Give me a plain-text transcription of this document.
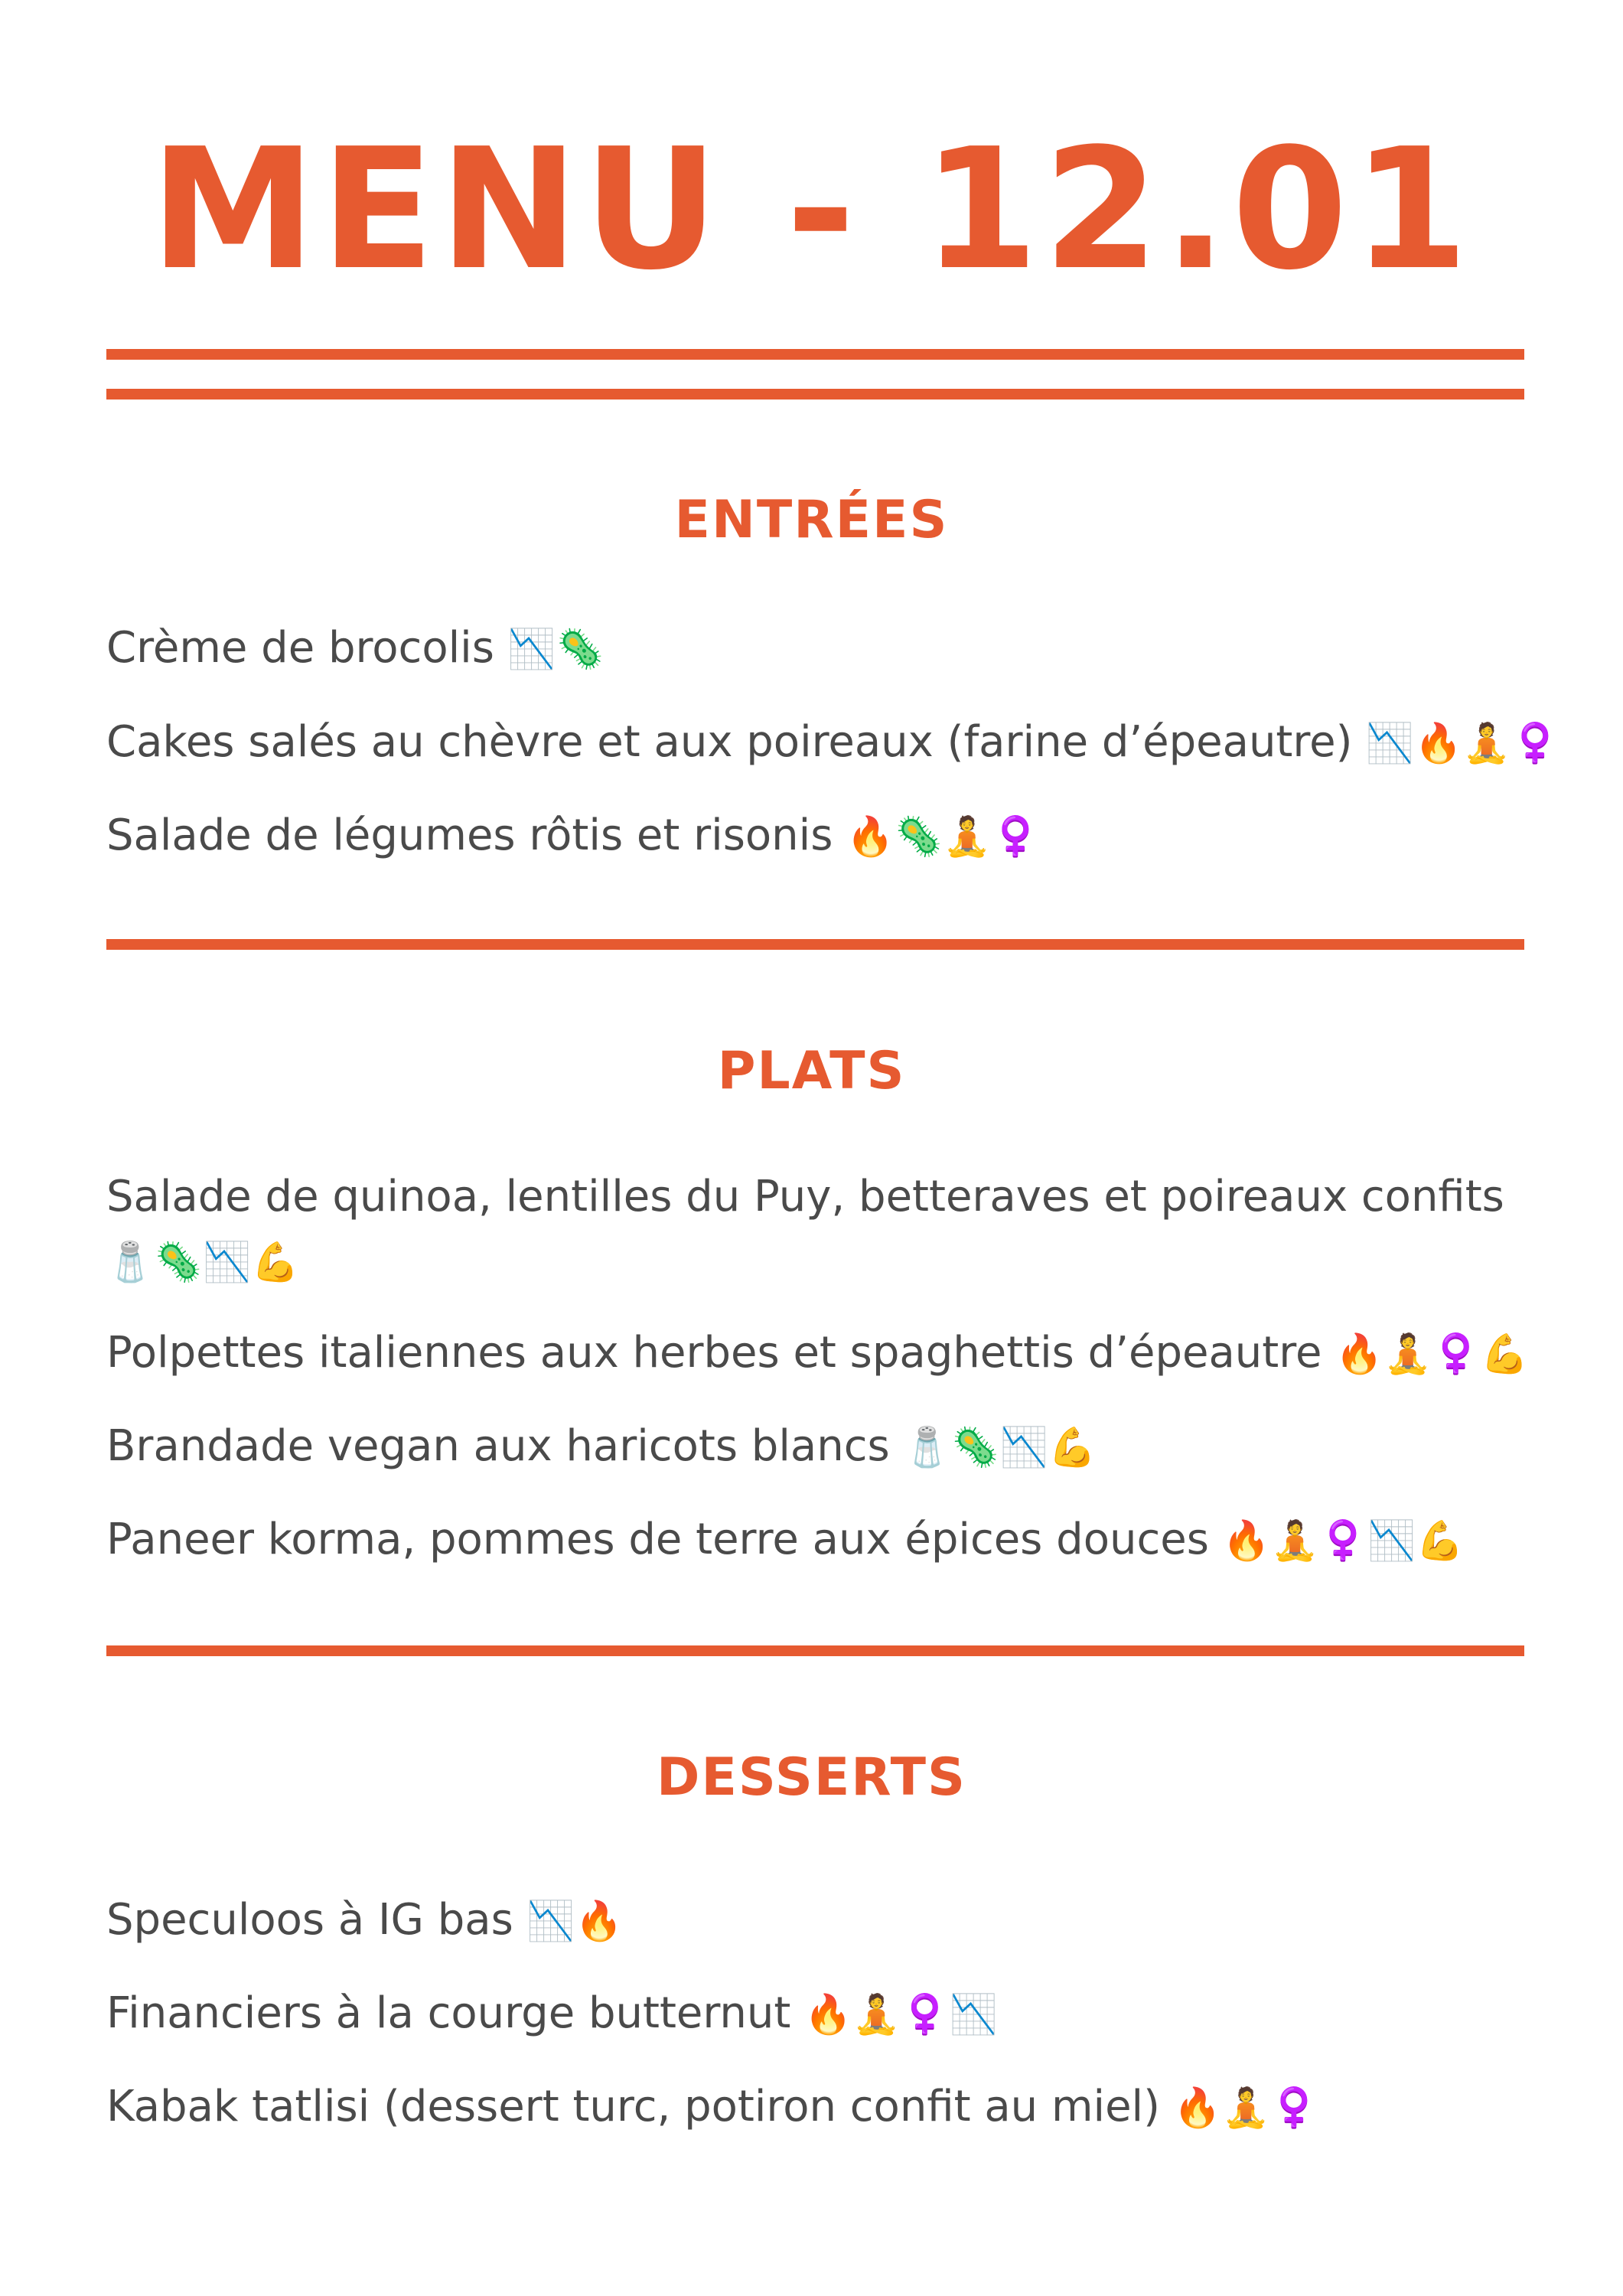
MENU - 12.01
ENTRÉES
Crème de brocolis 📉🦠
Cakes salés au chèvre et aux poireaux (farine d’épeautre) 📉🔥🧘♀️
Salade de légumes rôtis et risonis 🔥🦠🧘♀️
PLATS
Salade de quinoa, lentilles du Puy, betteraves et poireaux confits 🧂🦠📉💪
Polpettes italiennes aux herbes et spaghettis d’épeautre 🔥🧘♀️💪
Brandade vegan aux haricots blancs 🧂🦠📉💪
Paneer korma, pommes de terre aux épices douces 🔥🧘♀️📉💪
DESSERTS
Speculoos à IG bas 📉🔥
Financiers à la courge butternut 🔥🧘♀️📉
Kabak tatlisi (dessert turc, potiron confit au miel) 🔥🧘♀️
